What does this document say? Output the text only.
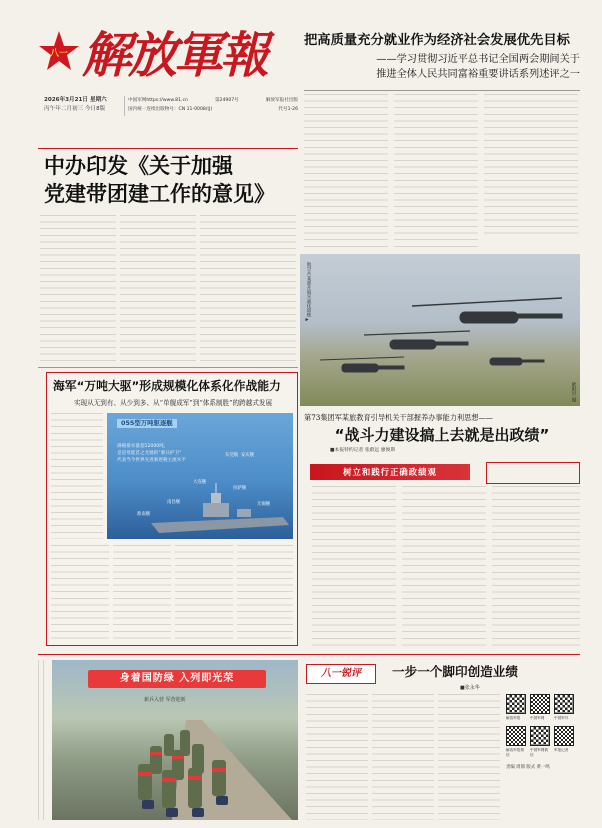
八一 解放軍報
2026年3月21日 星期六
丙午年二月初三 今日8版
中国军网https://www.81.cn	第24907号	解放军报社出版
国内统一连续出版物号：CN 11-0008/(J)	代号1-26
把高质量充分就业作为经济社会发展优先目标
——学习贯彻习近平总书记全国两会期间关于
推进全体人民共同富裕重要讲话系列述评之一
中办印发《关于加强
党建带团建工作的意见》
▲
航空兵某部开展实战化训练
欧阳贝 摄
海军“万吨大驱”形成规模化体系化作战能力
实现从无到有、从少到多、从“单舰成军”到“体系制胜”的跨越式发展
055型万吨驱逐舰
满载排水量超12000吨，
是是母能首之尤驰的“驱日护卫”
代表当今世界先进驱逐舰主流水平
东莞航 安庆舰
大连舰
拉萨舰
南昌舰	无锡舰
淮南舰
第73集团军某旅教育引导机关干部握养办事能力利思想——
“战斗力建设搞上去就是出政绩”
■本报特约记者 张蔚远 廖俊斯
树立和践行正确政绩观
身着国防绿 入列即光荣
新兵入营 军营迎新
八一锐评	一步一个脚印创造业绩
■张永华
解放军报	中国军网	中国军号
解放军报微信
中国军网微信
军报记者
责编 周锦 版式 黄一鸣
